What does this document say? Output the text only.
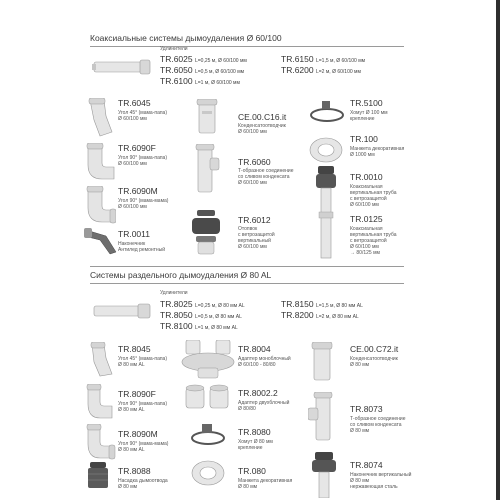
Коаксиальные системы дымоудаления Ø 60/100
Удлинители
TR.6025 L=0,25 м, Ø 60/100 мм
TR.6050 L=0,5 м, Ø 60/100 мм
TR.6100 L=1 м, Ø 60/100 мм
TR.6150 L=1,5 м, Ø 60/100 мм
TR.6200 L=2 м, Ø 60/100 мм
TR.6045
Угол 45° (мама-папа)
Ø 60/100 мм
TR.6090F
Угол 90° (мама-папа)
Ø 60/100 мм
TR.6090M
Угол 90° (мама-мама)
Ø 60/100 мм
TR.0011
Наконечник
Антилед ремонтный
CE.00.C16.it
Конденсатоотводчик
Ø 60/100 мм
TR.6060
Т-образное соединение
со сливом конденсата
Ø 60/100 мм
TR.6012
Отопвок
с ветрозащитой
вертикальный
Ø 60/100 мм
TR.5100
Хомут Ø 100 мм
крепление
TR.100
Манжета декоративная
Ø 1000 мм
TR.0010
Коаксиальная
вертикальная труба
с ветрозащитой
Ø 60/100 мм
TR.0125
Коаксиальная
вертикальная труба
с ветрозащитой
Ø 60/100 мм
→ 80/125 мм
Системы раздельного дымоудаления Ø 80 AL
Удлинители
TR.8025 L=0,25 м, Ø 80 мм AL
TR.8050 L=0,5 м, Ø 80 мм AL
TR.8100 L=1 м, Ø 80 мм AL
TR.8150 L=1,5 м, Ø 80 мм AL
TR.8200 L=2 м, Ø 80 мм AL
TR.8045
Угол 45° (мама-папа)
Ø 80 мм AL
TR.8090F
Угол 90° (мама-папа)
Ø 80 мм AL
TR.8090M
Угол 90° (мама-мама)
Ø 80 мм AL
TR.8088
Насадка дымоотвода
Ø 80 мм
TR.8004
Адаптер моноблочный
Ø 60/100 - 80/80
TR.8002.2
Адаптер двухблочный
Ø 80/80
TR.8080
Хомут Ø 80 мм
крепление
TR.080
Манжета декоративная
Ø 80 мм
CE.00.C72.it
Конденсатоотводчик
Ø 80 мм
TR.8073
Т-образное соединение
со сливом конденсата
Ø 80 мм
TR.8074
Наконечник вертикальный
Ø 80 мм
нержавеющая сталь
